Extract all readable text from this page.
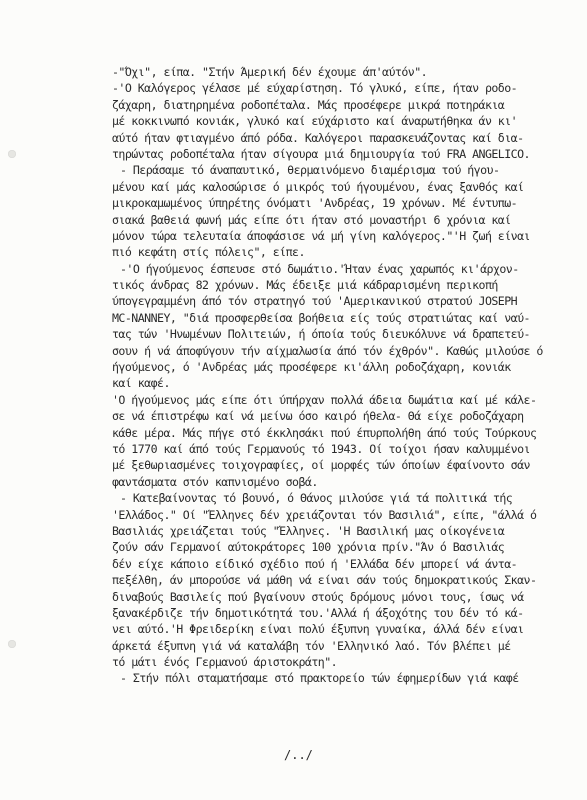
-"Όχι", είπα. "Στήν Άμερική δέν έχουμε άπ'αύτόν".
-'Ο Καλόγερος γέλασε μέ εύχαρίστηση. Τό γλυκό, είπε, ήταν ροδο-
ζάχαρη, διατηρημένα ροδοπέταλα. Μάς προσέφερε μικρά ποτηράκια
μέ κοκκινωπό κονιάκ, γλυκό καί εύχάριστο καί άναρωτήθηκα άν κι'
αύτό ήταν φτιαγμένο άπό ρόδα. Καλόγεροι παρασκευάζοντας καί δια-
τηρώντας ροδοπέταλα ήταν σίγουρα μιά δημιουργία τού FRA ANGELICO.
- Περάσαμε τό άναπαυτικό, θερμαινόμενο διαμέρισμα τού ήγου-
μένου καί μάς καλοσώρισε ό μικρός τού ήγουμένου, ένας ξανθός καί
μικροκαμωμένος ύπηρέτης όνόματι 'Ανδρέας, 19 χρόνων. Μέ έντυπω-
σιακά βαθειά φωνή μάς είπε ότι ήταν στό μοναστήρι 6 χρόνια καί
μόνον τώρα τελευταία άποφάσισε νά μή γίνη καλόγερος."'Η ζωή είναι
πιό κεφάτη στίς πόλεις", είπε.
-'Ο ήγούμενος έσπευσε στό δωμάτιο.'Ήταν ένας χαρωπός κι'άρχον-
τικός άνδρας 82 χρόνων. Μάς έδειξε μιά κάδραρισμένη περικοπή
ύπογεγραμμένη άπό τόν στρατηγό τού 'Αμερικανικού στρατού JOSEPH
MC-NANNEY, "διά προσφερθείσα βοήθεια είς τούς στρατιώτας καί ναύ-
τας τών 'Ηνωμένων Πολιτειών, ή όποία τούς διευκόλυνε νά δραπετεύ-
σουν ή νά άποφύγουν τήν αίχμαλωσία άπό τόν έχθρόν". Καθώς μιλούσε ό
ήγούμενος, ό 'Ανδρέας μάς προσέφερε κι'άλλη ροδοζάχαρη, κονιάκ
καί καφέ.
'Ο ήγούμενος μάς είπε ότι ύπήρχαν πολλά άδεια δωμάτια καί μέ κάλε-
σε νά έπιστρέφω καί νά μείνω όσο καιρό ήθελα- Θά είχε ροδοζάχαρη
κάθε μέρα. Μάς πήγε στό έκκλησάκι πού έπυρπολήθη άπό τούς Τούρκους
τό 1770 καί άπό τούς Γερμανούς τό 1943. Οί τοίχοι ήσαν καλυμμένοι
μέ ξεθωριασμένες τοιχογραφίες, οί μορφές τών όποίων έφαίνοντο σάν
φαντάσματα στόν καπνισμένο σοβά.
- Κατεβαίνοντας τό βουνό, ό Θάνος μιλούσε γιά τά πολιτικά τής
'Ελλάδος." Οί "Έλληνες δέν χρειάζονται τόν Βασιλιά", είπε, "άλλά ό
Βασιλιάς χρειάζεται τούς "Έλληνες. 'Η Βασιλική μας οίκογένεια
ζούν σάν Γερμανοί αύτοκράτορες 100 χρόνια πρίν."Άν ό Βασιλιάς
δέν είχε κάποιο είδικό σχέδιο πού ή 'Ελλάδα δέν μπορεί νά άντα-
πεξέλθη, άν μπορούσε νά μάθη νά είναι σάν τούς δημοκρατικούς Σκαν-
διναβούς Βασιλείς πού βγαίνουν στούς δρόμους μόνοι τους, ίσως νά
ξανακέρδιζε τήν δημοτικότητά του.'Αλλά ή άξοχότης του δέν τό κά-
νει αύτό.'Η Φρειδερίκη είναι πολύ έξυπνη γυναίκα, άλλά δέν είναι
άρκετά έξυπνη γιά νά καταλάβη τόν 'Ελληνικό λαό. Τόν βλέπει μέ
τό μάτι ένός Γερμανού άριστοκράτη".
- Στήν πόλι σταματήσαμε στό πρακτορείο τών έφημερίδων γιά καφέ
/../
